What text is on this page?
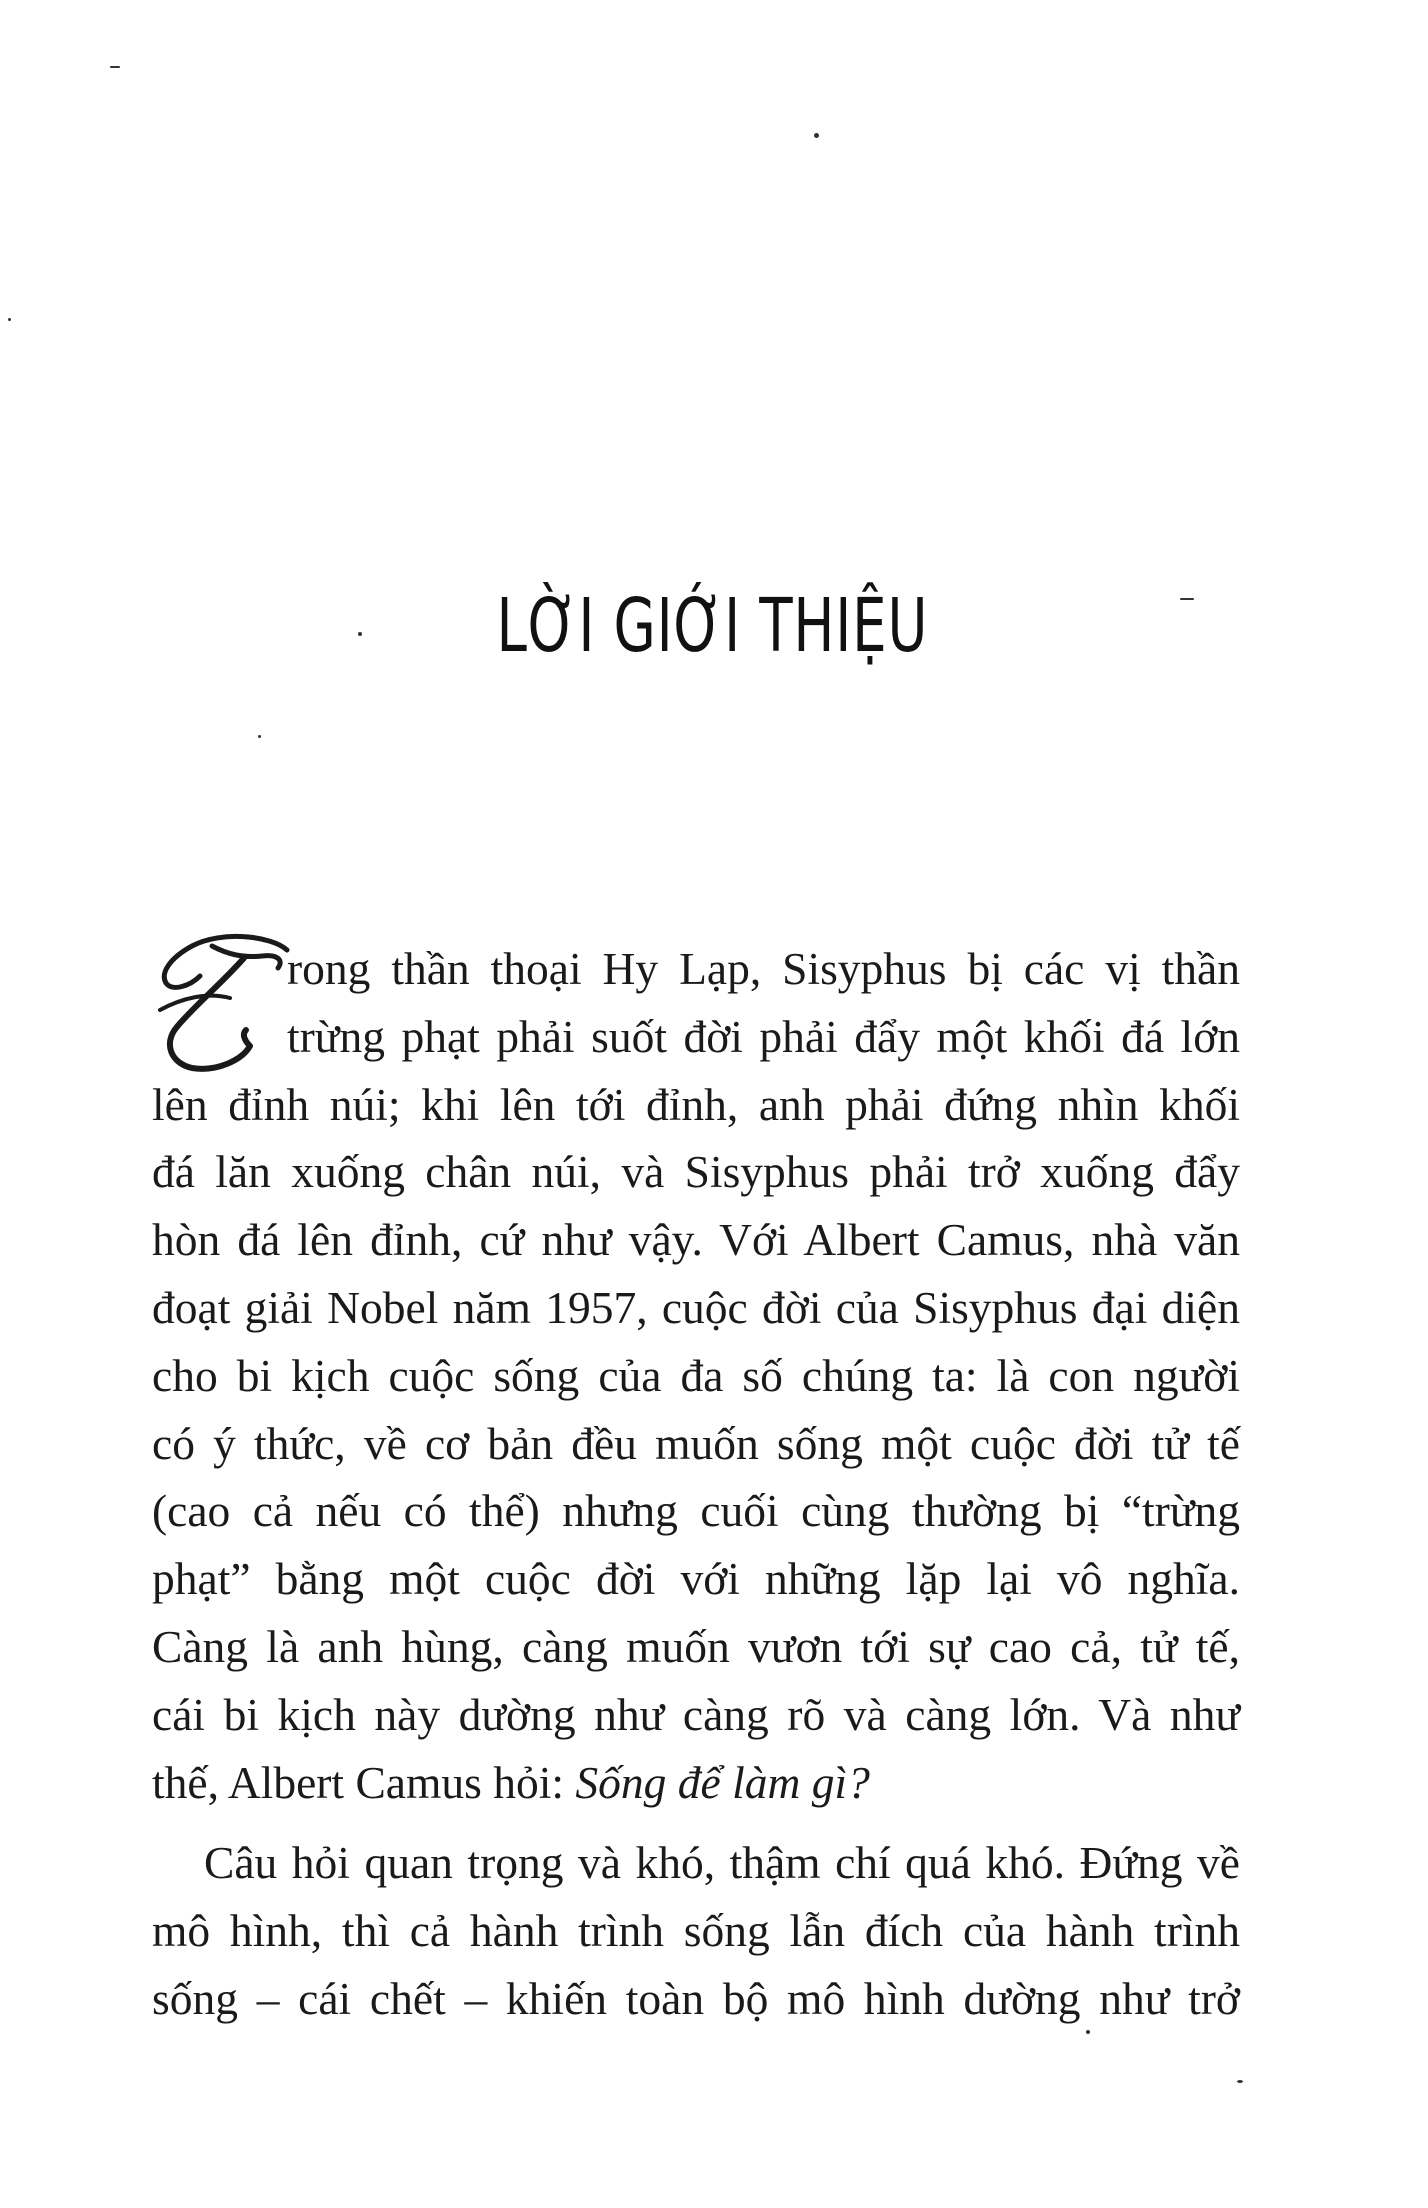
LỜI GIỚI THIỆU

rong thần thoại Hy Lạp, Sisyphus bị các vị thần
trừng phạt phải suốt đời phải đẩy một khối đá lớn
lên đỉnh núi; khi lên tới đỉnh, anh phải đứng nhìn khối
đá lăn xuống chân núi, và Sisyphus phải trở xuống đẩy
hòn đá lên đỉnh, cứ như vậy. Với Albert Camus, nhà văn
đoạt giải Nobel năm 1957, cuộc đời của Sisyphus đại diện
cho bi kịch cuộc sống của đa số chúng ta: là con người
có ý thức, về cơ bản đều muốn sống một cuộc đời tử tế
(cao cả nếu có thể) nhưng cuối cùng thường bị “trừng
phạt” bằng một cuộc đời với những lặp lại vô nghĩa.
Càng là anh hùng, càng muốn vươn tới sự cao cả, tử tế,
cái bi kịch này dường như càng rõ và càng lớn. Và như
thế, Albert Camus hỏi: Sống để làm gì?

Câu hỏi quan trọng và khó, thậm chí quá khó. Đứng về
mô hình, thì cả hành trình sống lẫn đích của hành trình
sống – cái chết – khiến toàn bộ mô hình dường như trở
